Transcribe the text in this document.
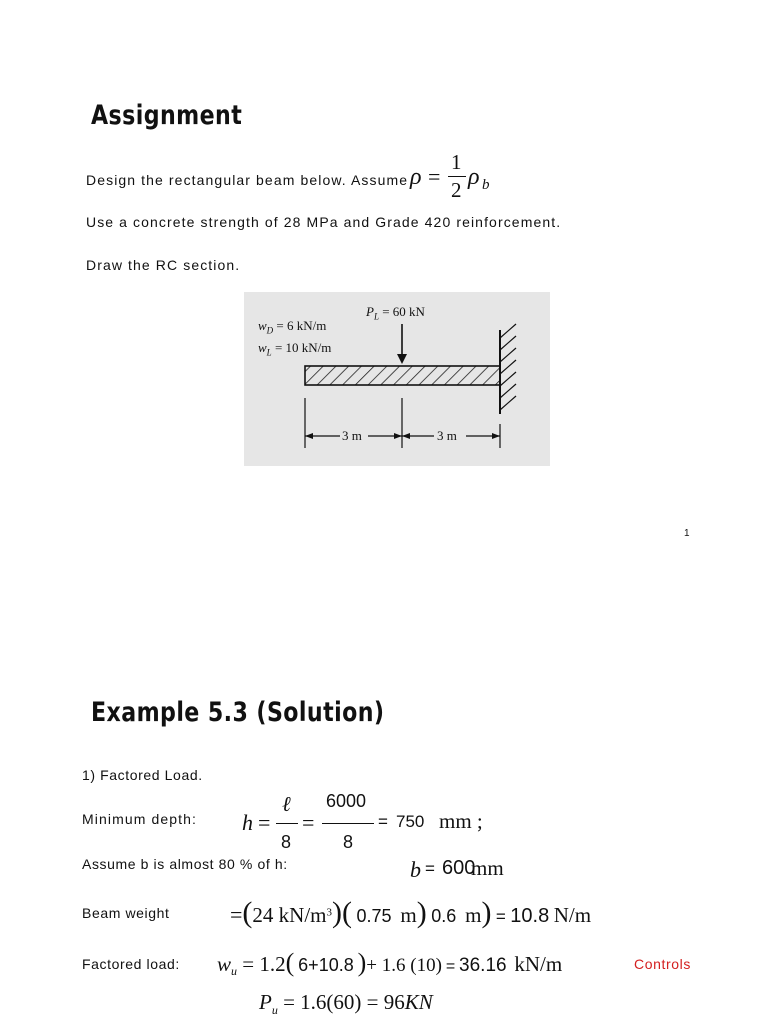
Assignment
Design the rectangular beam below. Assume ρ =
1
2 ρ b
Use a concrete strength of 28 MPa and Grade 420 reinforcement.
Draw the RC section.
$w_D = 6$ kN/m
$w_L = 10$ kN/m
$P_L = 60$ kN
3 m	3 m
1
Example 5.3 (Solution)
1) Factored Load.
Minimum depth: h =
ℓ
8
=
6000
8
= 750 mm ;
Assume b is almost 80 % of h:	b = 600
mm
Beam weight	=(24 $kN/m^3$)( 0.75 m) 0.6 m) = 10.8 N/m
Factored load: $w_u = 1.2$( 6+10.8 )+ 1.6 (10) = 36.16 kN/m	Controls
$P_u = 1.6(60) = 96KN$
